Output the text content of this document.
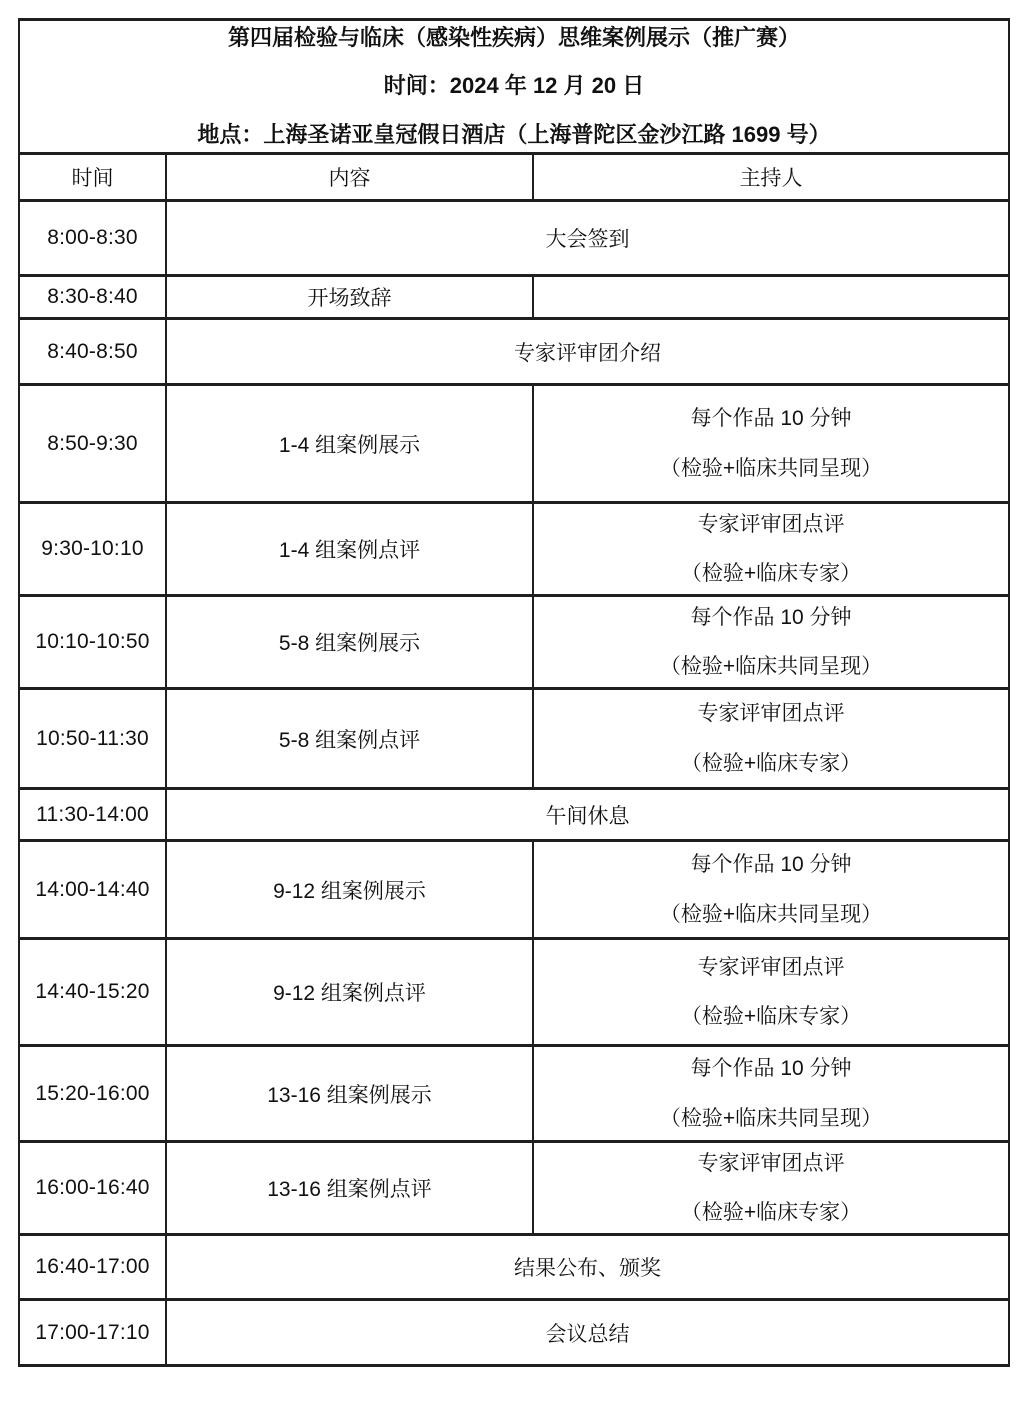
第四届检验与临床（感染性疾病）思维案例展示（推广赛）
时间：2024 年 12 月 20 日
地点：上海圣诺亚皇冠假日酒店（上海普陀区金沙江路 1699 号）		

时间	内容	主持人
8:00-8:30	大会签到	
8:30-8:40	开场致辞	
8:40-8:50	专家评审团介绍	
8:50-9:30	1-4 组案例展示	每个作品 10 分钟
（检验+临床共同呈现）

9:30-10:10	1-4 组案例点评	专家评审团点评
（检验+临床专家）

10:10-10:50	5-8 组案例展示	每个作品 10 分钟
（检验+临床共同呈现）

10:50-11:30	5-8 组案例点评	专家评审团点评
（检验+临床专家）

11:30-14:00	午间休息	
14:00-14:40	9-12 组案例展示	每个作品 10 分钟
（检验+临床共同呈现）

14:40-15:20	9-12 组案例点评	专家评审团点评
（检验+临床专家）

15:20-16:00	13-16 组案例展示	每个作品 10 分钟
（检验+临床共同呈现）

16:00-16:40	13-16 组案例点评	专家评审团点评
（检验+临床专家）

16:40-17:00	结果公布、颁奖	
17:00-17:10	会议总结	
